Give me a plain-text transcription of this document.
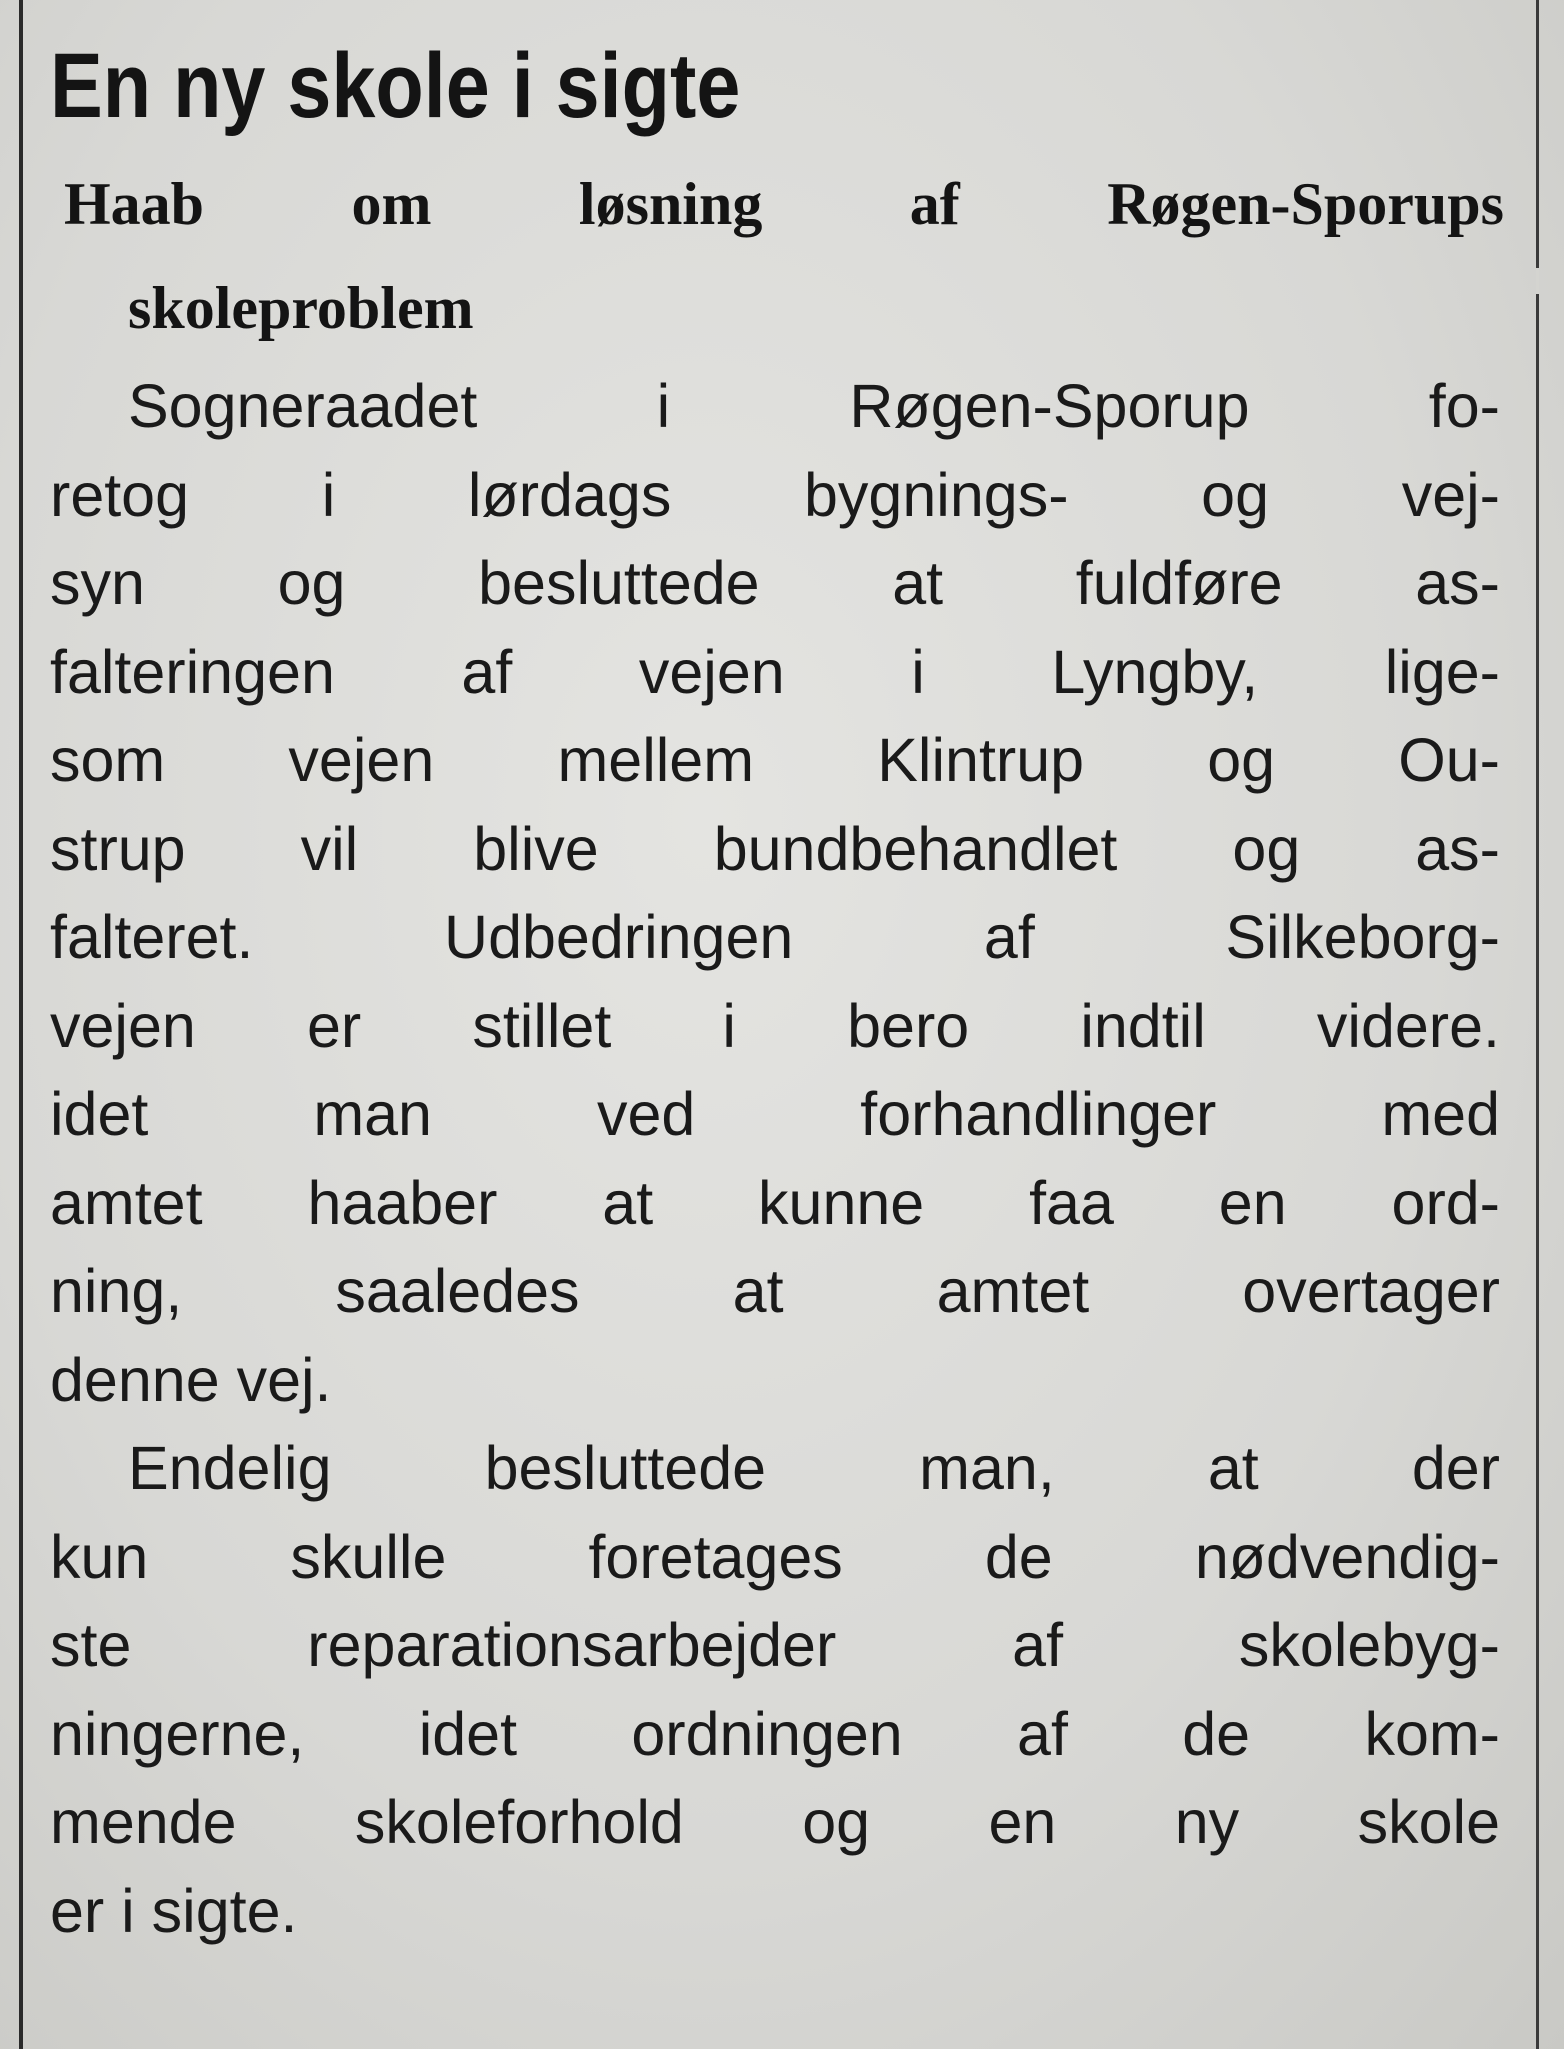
En ny skole i sigte
Haab om løsning af Røgen-Sporups
skoleproblem

Sogneraadet i Røgen-Sporup fo-
retog i lørdags bygnings- og vej-
syn og besluttede at fuldføre as-
falteringen af vejen i Lyngby, lige-
som vejen mellem Klintrup og Ou-
strup vil blive bundbehandlet og as-
falteret. Udbedringen af Silkeborg-
vejen er stillet i bero indtil videre.
idet man ved forhandlinger med
amtet haaber at kunne faa en ord-
ning, saaledes at amtet overtager
denne vej.

Endelig besluttede man, at der
kun skulle foretages de nødvendig-
ste reparationsarbejder af skolebyg-
ningerne, idet ordningen af de kom-
mende skoleforhold og en ny skole
er i sigte.
